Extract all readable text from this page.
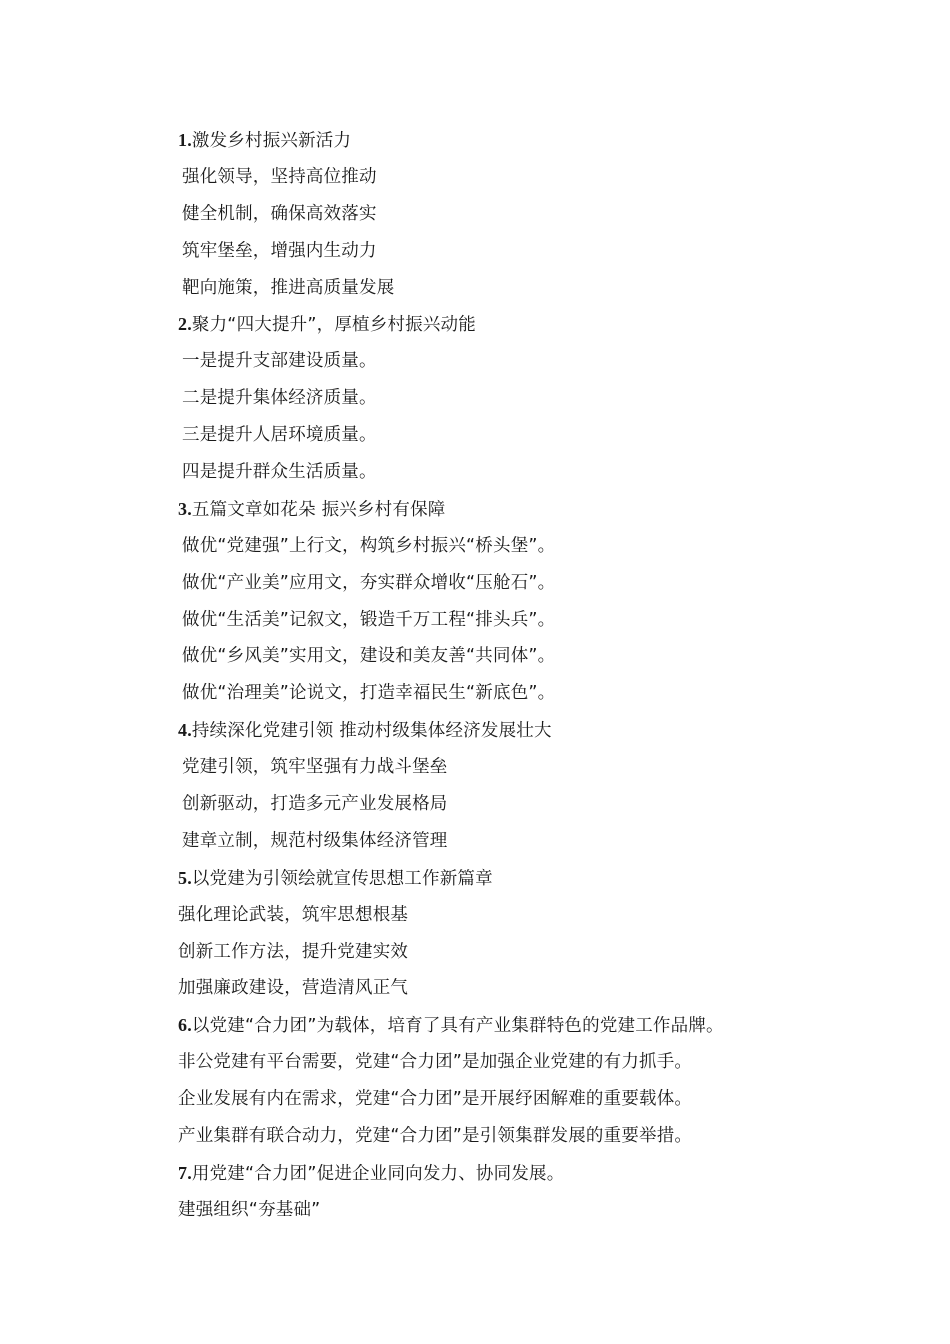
1.激发乡村振兴新活力
强化领导，坚持高位推动
健全机制，确保高效落实
筑牢堡垒，增强内生动力
靶向施策，推进高质量发展
2.聚力“四大提升”，厚植乡村振兴动能
一是提升支部建设质量。
二是提升集体经济质量。
三是提升人居环境质量。
四是提升群众生活质量。
3.五篇文章如花朵 振兴乡村有保障
做优“党建强”上行文，构筑乡村振兴“桥头堡”。
做优“产业美”应用文，夯实群众增收“压舱石”。
做优“生活美”记叙文，锻造千万工程“排头兵”。
做优“乡风美”实用文，建设和美友善“共同体”。
做优“治理美”论说文，打造幸福民生“新底色”。
4.持续深化党建引领 推动村级集体经济发展壮大
党建引领，筑牢坚强有力战斗堡垒
创新驱动，打造多元产业发展格局
建章立制，规范村级集体经济管理
5.以党建为引领绘就宣传思想工作新篇章
强化理论武装，筑牢思想根基
创新工作方法，提升党建实效
加强廉政建设，营造清风正气
6.以党建“合力团”为载体，培育了具有产业集群特色的党建工作品牌。
非公党建有平台需要，党建“合力团”是加强企业党建的有力抓手。
企业发展有内在需求，党建“合力团”是开展纾困解难的重要载体。
产业集群有联合动力，党建“合力团”是引领集群发展的重要举措。
7.用党建“合力团”促进企业同向发力、协同发展。
建强组织“夯基础”
